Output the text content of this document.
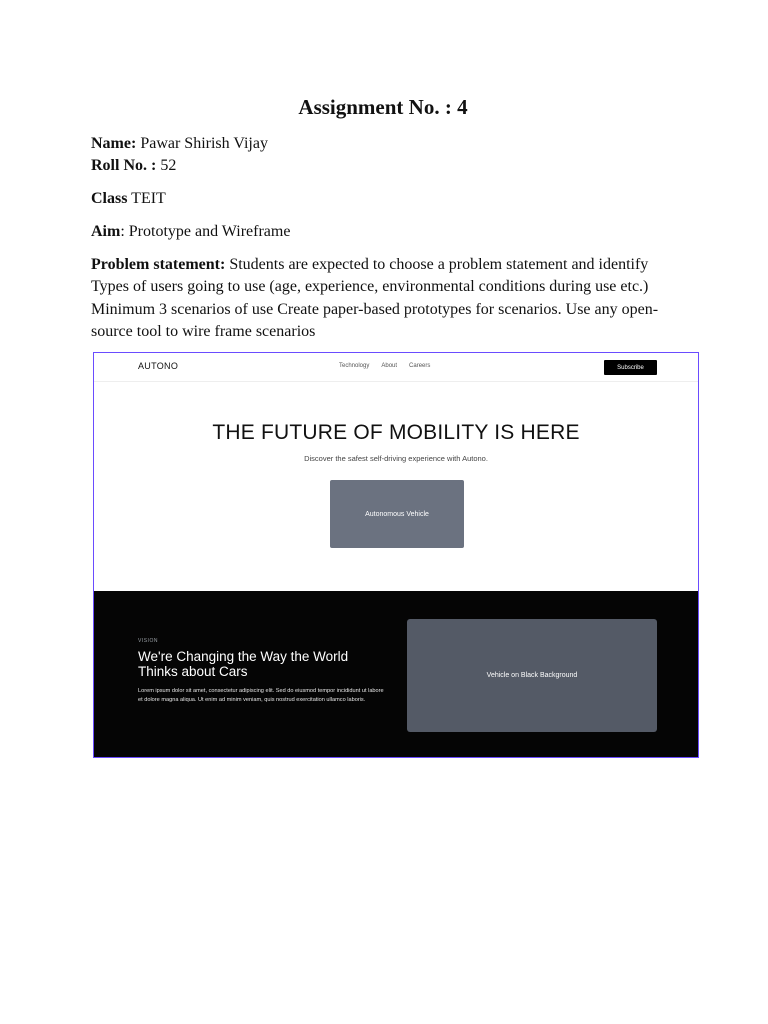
Assignment No. : 4

Name: Pawar Shirish Vijay

Roll No. : 52

Class TEIT

Aim: Prototype and Wireframe

Problem statement: Students are expected to choose a problem statement and identify Types of users going to use (age, experience, environmental conditions during use etc.) Minimum 3 scenarios of use Create paper-based prototypes for scenarios. Use any open-source tool to wire frame scenarios

AUTONO	Technology About Careers	Subscribe
THE FUTURE OF MOBILITY IS HERE
Discover the safest self-driving experience with Autono.
Autonomous Vehicle
VISION
We're Changing the Way the World Thinks about Cars
Lorem ipsum dolor sit amet, consectetur adipiscing elit. Sed do eiusmod tempor incididunt ut labore et dolore magna aliqua. Ut enim ad minim veniam, quis nostrud exercitation ullamco laboris.
Vehicle on Black Background
